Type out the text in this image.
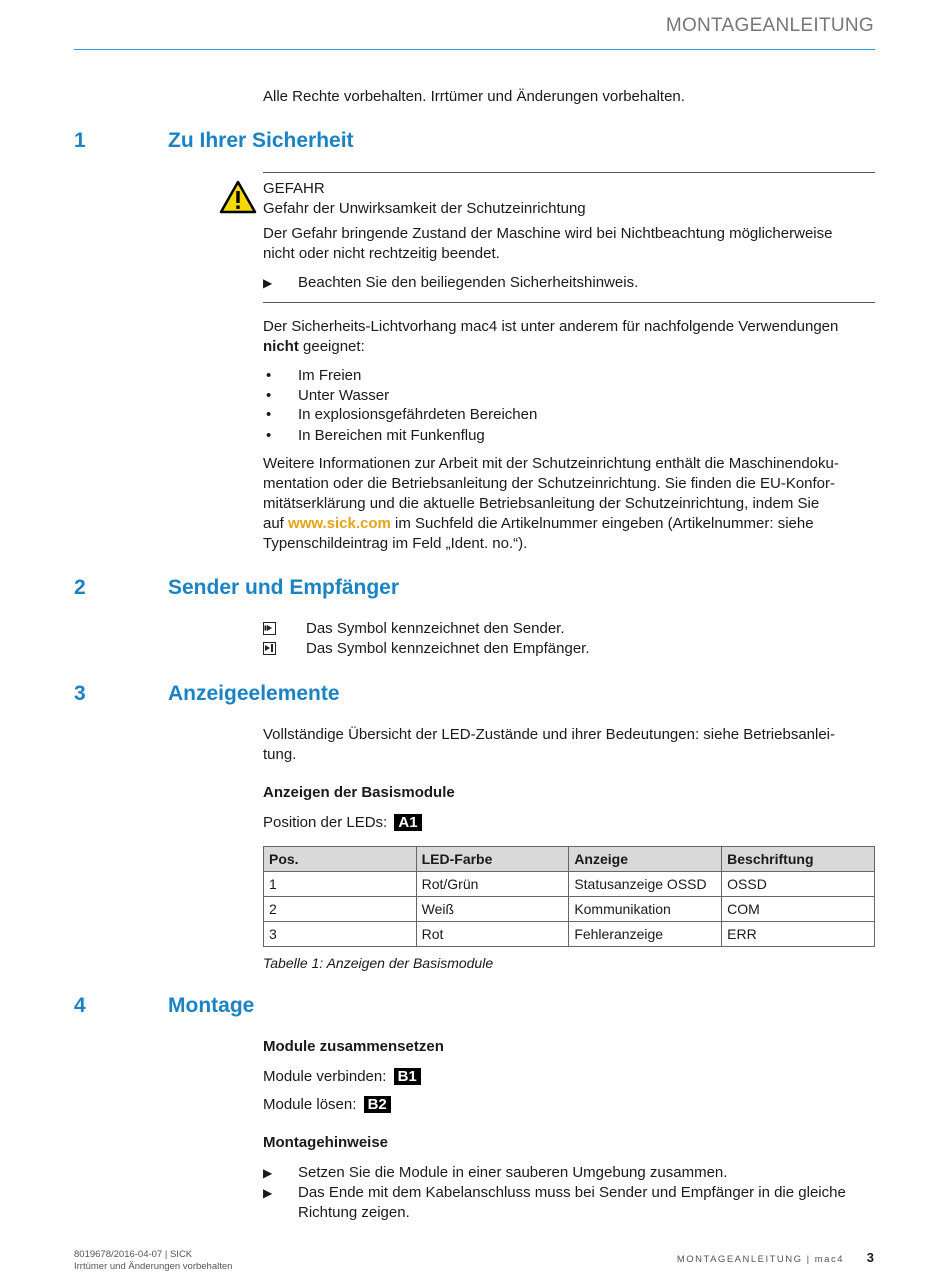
MONTAGEANLEITUNG
Alle Rechte vorbehalten. Irrtümer und Änderungen vorbehalten.
1	Zu Ihrer Sicherheit
GEFAHR
Gefahr der Unwirksamkeit der Schutzeinrichtung
Der Gefahr bringende Zustand der Maschine wird bei Nichtbeachtung möglicherweise
nicht oder nicht rechtzeitig beendet.
▶ Beachten Sie den beiliegenden Sicherheitshinweis.
Der Sicherheits-Lichtvorhang mac4 ist unter anderem für nachfolgende Verwendungen
nicht geeignet:
• Im Freien
• Unter Wasser
• In explosionsgefährdeten Bereichen
• In Bereichen mit Funkenflug
Weitere Informationen zur Arbeit mit der Schutzeinrichtung enthält die Maschinendoku-
mentation oder die Betriebsanleitung der Schutzeinrichtung. Sie finden die EU-Konfor-
mitätserklärung und die aktuelle Betriebsanleitung der Schutzeinrichtung, indem Sie
auf www.sick.com im Suchfeld die Artikelnummer eingeben (Artikelnummer: siehe
Typenschildeintrag im Feld „Ident. no.“).
2	Sender und Empfänger
Das Symbol kennzeichnet den Sender.
Das Symbol kennzeichnet den Empfänger.
3	Anzeigeelemente
Vollständige Übersicht der LED-Zustände und ihrer Bedeutungen: siehe Betriebsanlei-
tung.
Anzeigen der Basismodule
Position der LEDs: A1
Pos.	LED-Farbe	Anzeige	Beschriftung
1	Rot/Grün	Statusanzeige OSSD	OSSD
2	Weiß	Kommunikation	COM
3	Rot	Fehleranzeige	ERR
Tabelle 1: Anzeigen der Basismodule
4	Montage
Module zusammensetzen
Module verbinden: B1
Module lösen: B2
Montagehinweise
▶ Setzen Sie die Module in einer sauberen Umgebung zusammen.
▶ Das Ende mit dem Kabelanschluss muss bei Sender und Empfänger in die gleiche
Richtung zeigen.
8019678/2016-04-07 | SICK
Irrtümer und Änderungen vorbehalten
MONTAGEANLEITUNG | mac4 3
